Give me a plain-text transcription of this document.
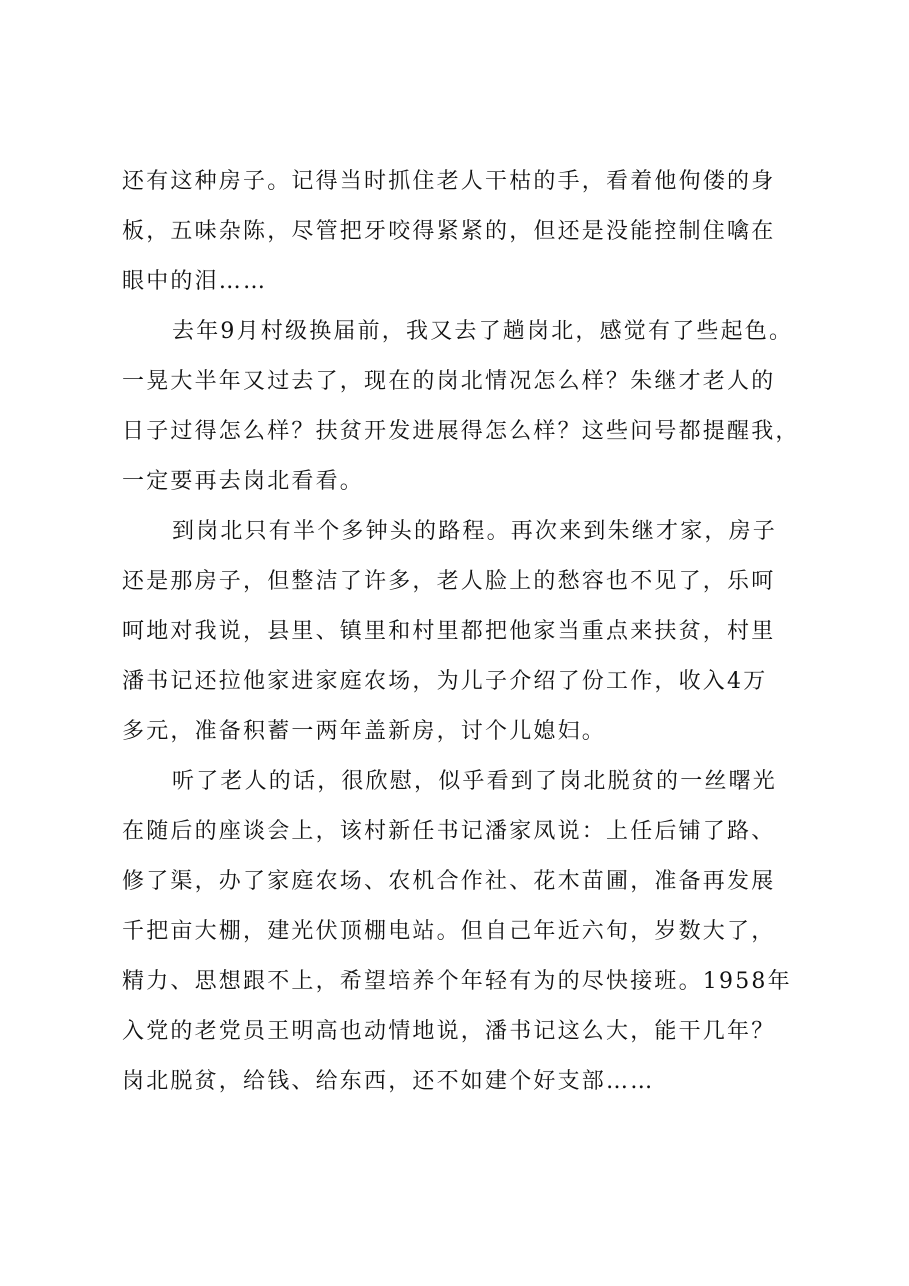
还有这种房子。记得当时抓住老人干枯的手，看着他佝偻的身
板，五味杂陈，尽管把牙咬得紧紧的，但还是没能控制住噙在
眼中的泪……
去年9月村级换届前，我又去了趟岗北，感觉有了些起色。
一晃大半年又过去了，现在的岗北情况怎么样？朱继才老人的
日子过得怎么样？扶贫开发进展得怎么样？这些问号都提醒我，
一定要再去岗北看看。
到岗北只有半个多钟头的路程。再次来到朱继才家，房子
还是那房子，但整洁了许多，老人脸上的愁容也不见了，乐呵
呵地对我说，县里、镇里和村里都把他家当重点来扶贫，村里
潘书记还拉他家进家庭农场，为儿子介绍了份工作，收入4万
多元，准备积蓄一两年盖新房，讨个儿媳妇。
听了老人的话，很欣慰，似乎看到了岗北脱贫的一丝曙光
在随后的座谈会上，该村新任书记潘家凤说：上任后铺了路、
修了渠，办了家庭农场、农机合作社、花木苗圃，准备再发展
千把亩大棚，建光伏顶棚电站。但自己年近六旬，岁数大了，
精力、思想跟不上，希望培养个年轻有为的尽快接班。1958年
入党的老党员王明高也动情地说，潘书记这么大，能干几年？
岗北脱贫，给钱、给东西，还不如建个好支部……
